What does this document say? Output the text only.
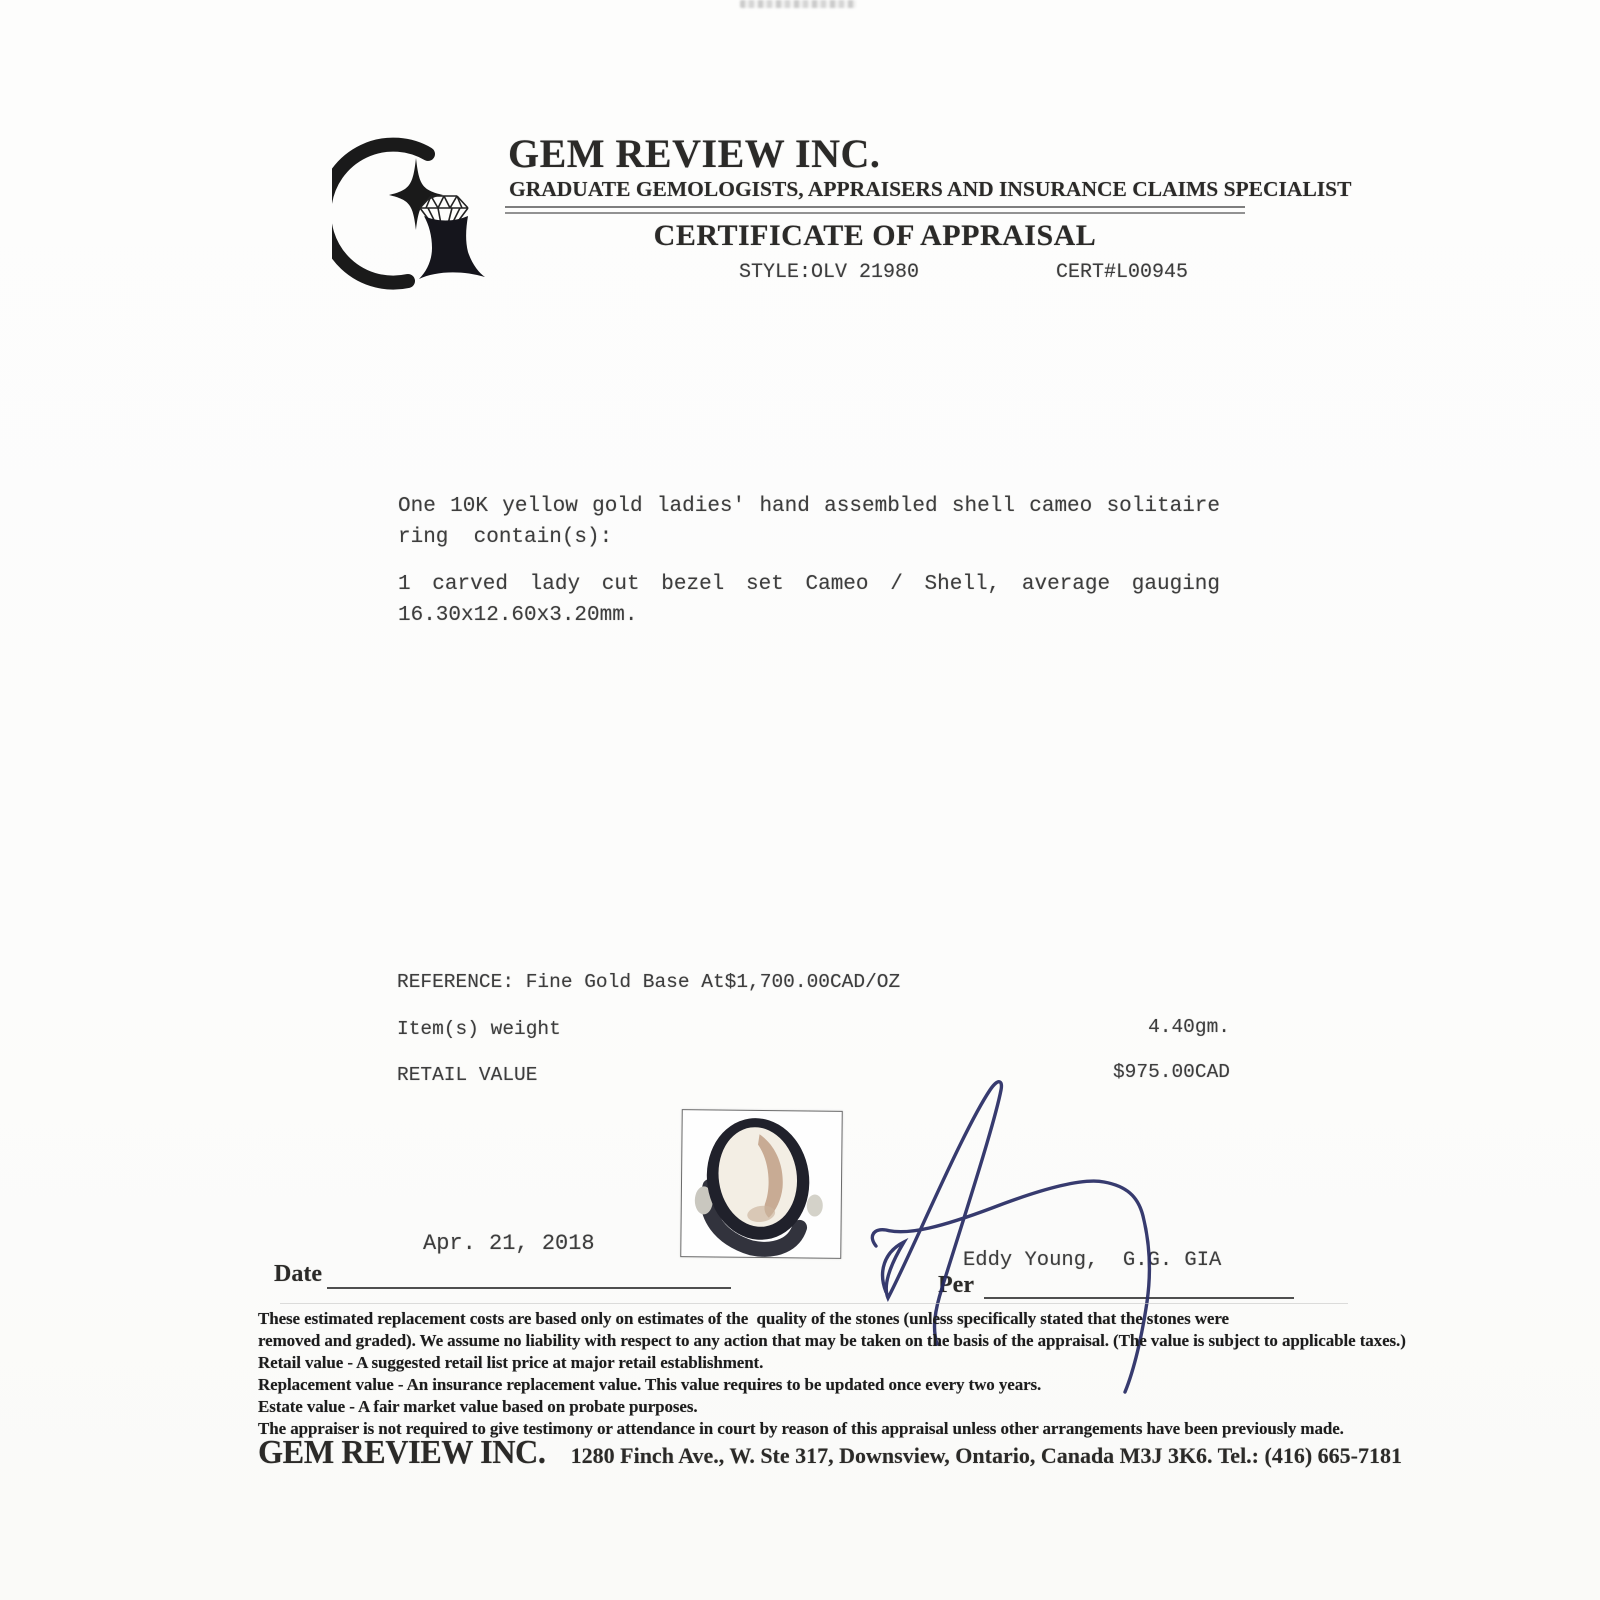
GEM REVIEW INC.
GRADUATE GEMOLOGISTS, APPRAISERS AND INSURANCE CLAIMS SPECIALIST
CERTIFICATE OF APPRAISAL
STYLE:OLV 21980	CERT#L00945
One 10K yellow gold ladies' hand assembled shell cameo solitaire
ring  contain(s):
1 carved lady cut bezel set Cameo / Shell, average gauging
16.30x12.60x3.20mm.
REFERENCE: Fine Gold Base At$1,700.00CAD/OZ
Item(s) weight	4.40gm.
RETAIL VALUE	$975.00CAD
Apr. 21, 2018
Date
Eddy Young,  G.G. GIA
Per
These estimated replacement costs are based only on estimates of the  quality of the stones (unless specifically stated that the stones were
removed and graded). We assume no liability with respect to any action that may be taken on the basis of the appraisal. (The value is subject to applicable taxes.)
Retail value - A suggested retail list price at major retail establishment.
Replacement value - An insurance replacement value. This value requires to be updated once every two years.
Estate value - A fair market value based on probate purposes.
The appraiser is not required to give testimony or attendance in court by reason of this appraisal unless other arrangements have been previously made.
GEM REVIEW INC. 1280 Finch Ave., W. Ste 317, Downsview, Ontario, Canada M3J 3K6. Tel.: (416) 665-7181
